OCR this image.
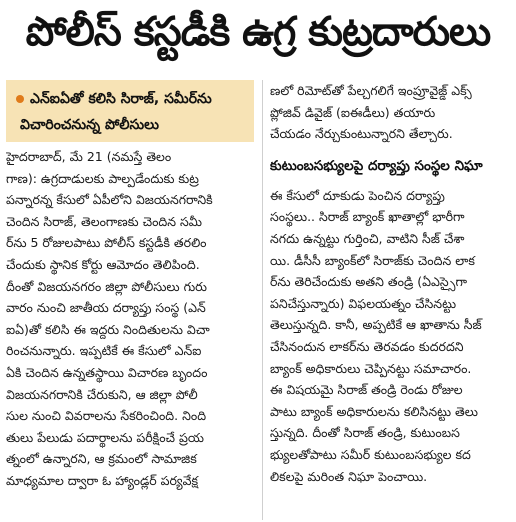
పోలీస్ కస్టడీకి ఉగ్ర కుట్రదారులు
ఎన్ఐఏతో కలిసి సిరాజ్, సమీర్‌ను
విచారించనున్న పోలీసులు
హైదరాబాద్, మే 21 (నమస్తే తెలం
గాణ): ఉగ్రదాడులకు పాల్పడేందుకు కుట్ర
పన్నారన్న కేసులో ఏపీలోని విజయనగరానికి
చెందిన సిరాజ్, తెలంగాణకు చెందిన సమీ
ర్‌ను 5 రోజులపాటు పోలీస్ కస్టడీకి తరలిం
చేందుకు స్థానిక కోర్టు ఆమోదం తెలిపింది.
దీంతో విజయనగరం జిల్లా పోలీసులు గురు
వారం నుంచి జాతీయ దర్యాప్తు సంస్థ (ఎన్
ఐఏ)తో కలిసి ఈ ఇద్దరు నిందితులను విచా
రించనున్నారు. ఇప్పటికే ఈ కేసులో ఎన్ఐ
ఏకి చెందిన ఉన్నతస్థాయి విచారణ బృందం
విజయనగరానికి చేరుకుని, ఆ జిల్లా పోలీ
సుల నుంచి వివరాలను సేకరించింది. నింది
తులు పేలుడు పదార్థాలను పరీక్షించే ప్రయ
త్నంలో ఉన్నారని, ఆ క్రమంలో సామాజిక
మాధ్యమాల ద్వారా ఓ హ్యాండ్లర్ పర్యవేక్ష
ణలో రిమోట్‌తో పేల్చగలిగే ఇంప్రూవైజ్డ్ ఎక్స్
ప్లోజివ్ డివైజ్ (ఐఈడీలు) తయారు
చేయడం నేర్చుకుంటున్నారని తేల్చారు.
కుటుంబసభ్యులపై దర్యాప్తు సంస్థల నిఘా
ఈ కేసులో దూకుడు పెంచిన దర్యాప్తు
సంస్థలు.. సిరాజ్ బ్యాంక్ ఖాతాల్లో భారీగా
నగదు ఉన్నట్టు గుర్తించి, వాటిని సీజ్ చేశా
యి. డీసీసీ బ్యాంక్‌లో సిరాజ్‌కు చెందిన లాక
ర్‌ను తెరిచేందుకు అతని తండ్రి (ఏఎస్సైగా
పనిచేస్తున్నారు) విఫలయత్నం చేసినట్టు
తెలుస్తున్నది. కానీ, అప్పటికే ఆ ఖాతాను సీజ్
చేసినందున లాకర్‌ను తెరవడం కుదరదని
బ్యాంక్ అధికారులు చెప్పినట్టు సమాచారం.
ఈ విషయమై సిరాజ్ తండ్రి రెండు రోజుల
పాటు బ్యాంక్ అధికారులను కలిసినట్టు తెలు
స్తున్నది. దీంతో సిరాజ్ తండ్రి, కుటుంబస
భ్యులతోపాటు సమీర్ కుటుంబసభ్యుల కద
లికలపై మరింత నిఘా పెంచాయి.
